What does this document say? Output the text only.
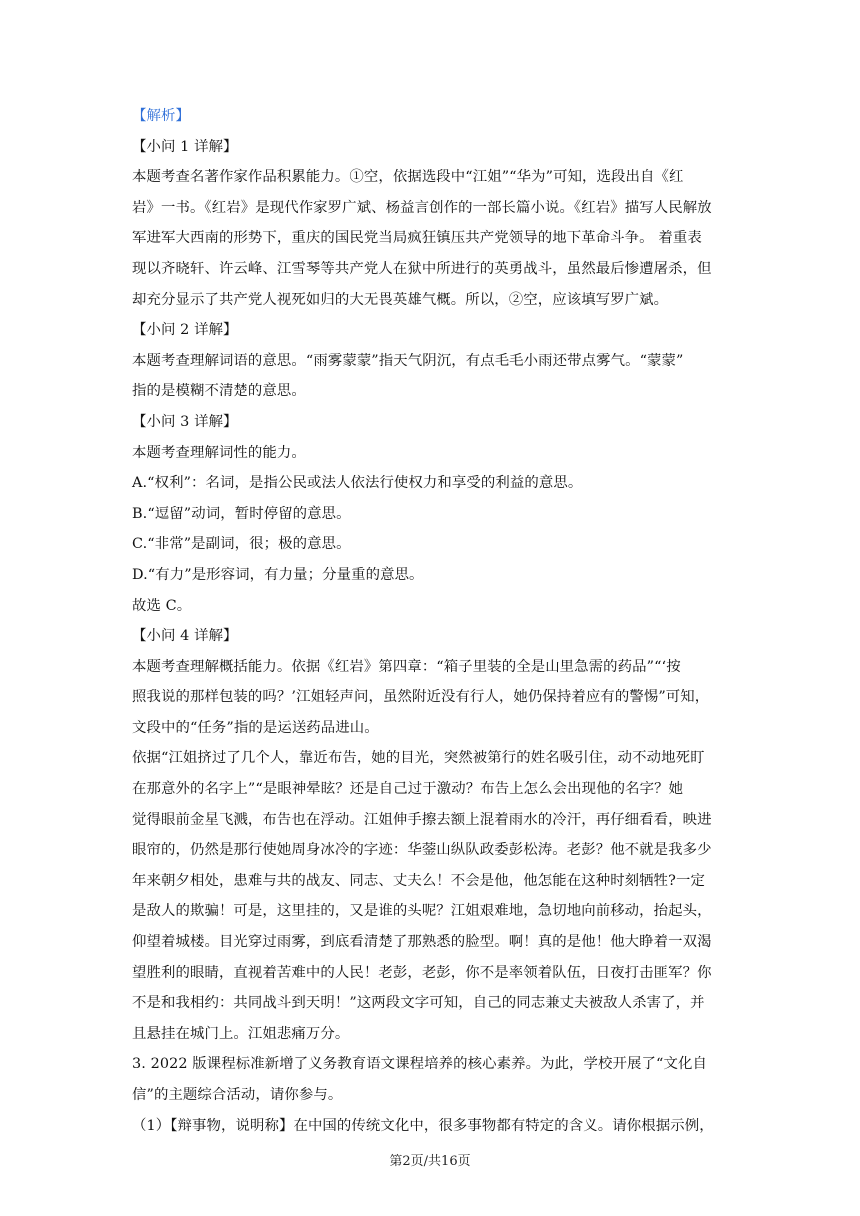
【解析】
【小问 1 详解】
本题考查名著作家作品积累能力。①空，依据选段中“江姐”“华为”可知，选段出自《红
岩》一书。《红岩》是现代作家罗广斌、杨益言创作的一部长篇小说。《红岩》描写人民解放
军进军大西南的形势下，重庆的国民党当局疯狂镇压共产党领导的地下革命斗争。 着重表
现以齐晓轩、许云峰、江雪琴等共产党人在狱中所进行的英勇战斗，虽然最后惨遭屠杀，但
却充分显示了共产党人视死如归的大无畏英雄气概。所以，②空，应该填写罗广斌。
【小问 2 详解】
本题考查理解词语的意思。“雨雾蒙蒙”指天气阴沉，有点毛毛小雨还带点雾气。“蒙蒙”
指的是模糊不清楚的意思。
【小问 3 详解】
本题考查理解词性的能力。
A.“权利”：名词，是指公民或法人依法行使权力和享受的利益的意思。
B.“逗留”动词，暂时停留的意思。
C.“非常”是副词，很；极的意思。
D.“有力”是形容词，有力量；分量重的意思。
故选 C。
【小问 4 详解】
本题考查理解概括能力。依据《红岩》第四章：“箱子里装的全是山里急需的药品”“‘按
照我说的那样包装的吗？’江姐轻声问，虽然附近没有行人，她仍保持着应有的警惕”可知，
文段中的“任务”指的是运送药品进山。
依据“江姐挤过了几个人，靠近布告，她的目光，突然被第行的姓名吸引住，动不动地死盯
在那意外的名字上”“是眼神晕眩？还是自己过于激动？布告上怎么会出现他的名字？她
觉得眼前金星飞溅，布告也在浮动。江姐伸手擦去额上混着雨水的冷汗，再仔细看看，映进
眼帘的，仍然是那行使她周身冰冷的字迹：华蓥山纵队政委彭松涛。老彭？他不就是我多少
年来朝夕相处，患难与共的战友、同志、丈夫么！不会是他，他怎能在这种时刻牺牲?一定
是敌人的欺骗！可是，这里挂的，又是谁的头呢？江姐艰难地，急切地向前移动，抬起头，
仰望着城楼。目光穿过雨雾，到底看清楚了那熟悉的脸型。啊！真的是他！他大睁着一双渴
望胜利的眼睛，直视着苦难中的人民！老彭，老彭，你不是率领着队伍，日夜打击匪军？你
不是和我相约：共同战斗到天明！”这两段文字可知，自己的同志兼丈夫被敌人杀害了，并
且悬挂在城门上。江姐悲痛万分。
3. 2022 版课程标准新增了义务教育语文课程培养的核心素养。为此，学校开展了“文化自
信”的主题综合活动，请你参与。
（1）【辩事物，说明称】在中国的传统文化中，很多事物都有特定的含义。请你根据示例，
第2页/共16页
